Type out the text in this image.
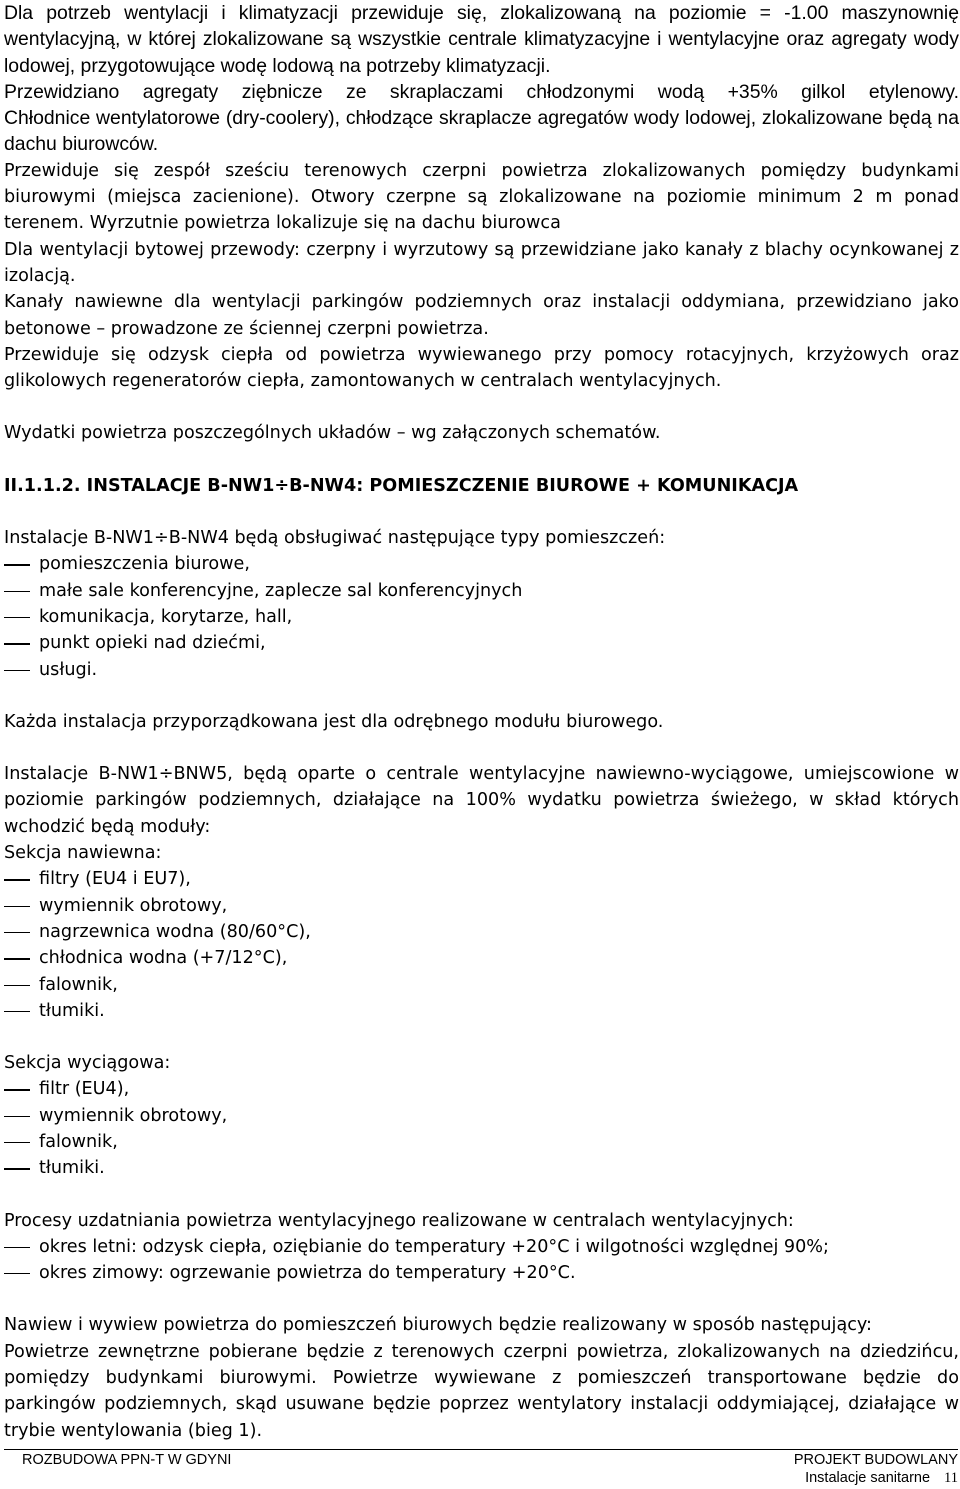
Dla potrzeb wentylacji i klimatyzacji przewiduje się, zlokalizowaną na poziomie = -1.00 maszynownię wentylacyjną, w której zlokalizowane są wszystkie centrale klimatyzacyjne i wentylacyjne oraz agregaty wody lodowej, przygotowujące wodę lodową na potrzeby klimatyzacji.

Przewidziano agregaty ziębnicze ze skraplaczami chłodzonymi wodą +35% gilkol etylenowy.

Chłodnice wentylatorowe (dry-coolery), chłodzące skraplacze agregatów wody lodowej, zlokalizowane będą na dachu biurowców.

Przewiduje się zespół sześciu terenowych czerpni powietrza zlokalizowanych pomiędzy budynkami biurowymi (miejsca zacienione). Otwory czerpne są zlokalizowane na poziomie minimum 2 m ponad terenem. Wyrzutnie powietrza lokalizuje się na dachu biurowca

Dla wentylacji bytowej przewody: czerpny i wyrzutowy są przewidziane jako kanały z blachy ocynkowanej z izolacją.

Kanały nawiewne dla wentylacji parkingów podziemnych oraz instalacji oddymiana, przewidziano jako betonowe – prowadzone ze ściennej czerpni powietrza.

Przewiduje się odzysk ciepła od powietrza wywiewanego przy pomocy rotacyjnych, krzyżowych oraz glikolowych regeneratorów ciepła, zamontowanych w centralach wentylacyjnych.

Wydatki powietrza poszczególnych układów – wg załączonych schematów.

II.1.1.2. INSTALACJE B-NW1÷B-NW4: POMIESZCZENIE BIUROWE + KOMUNIKACJA

Instalacje B-NW1÷B-NW4 będą obsługiwać następujące typy pomieszczeń:

pomieszczenia biurowe,
małe sale konferencyjne, zaplecze sal konferencyjnych
komunikacja, korytarze, hall,
punkt opieki nad dziećmi,
usługi.

Każda instalacja przyporządkowana jest dla odrębnego modułu biurowego.

Instalacje B-NW1÷BNW5, będą oparte o centrale wentylacyjne nawiewno-wyciągowe, umiejscowione w poziomie parkingów podziemnych, działające na 100% wydatku powietrza świeżego, w skład których wchodzić będą moduły:

Sekcja nawiewna:

filtry (EU4 i EU7),
wymiennik obrotowy,
nagrzewnica wodna (80/60°C),
chłodnica wodna (+7/12°C),
falownik,
tłumiki.

Sekcja wyciągowa:

filtr (EU4),
wymiennik obrotowy,
falownik,
tłumiki.

Procesy uzdatniania powietrza wentylacyjnego realizowane w centralach wentylacyjnych:

okres letni: odzysk ciepła, oziębianie do temperatury +20°C i wilgotności względnej 90%;
okres zimowy: ogrzewanie powietrza do temperatury +20°C.

Nawiew i wywiew powietrza do pomieszczeń biurowych będzie realizowany w sposób następujący:

Powietrze zewnętrzne pobierane będzie z terenowych czerpni powietrza, zlokalizowanych na dziedzińcu, pomiędzy budynkami biurowymi. Powietrze wywiewane z pomieszczeń transportowane będzie do parkingów podziemnych, skąd usuwane będzie poprzez wentylatory instalacji oddymiającej, działające w trybie wentylowania (bieg 1).

ROZBUDOWA PPN-T W GDYNI	PROJEKT BUDOWLANY
Instalacje sanitarne 11
